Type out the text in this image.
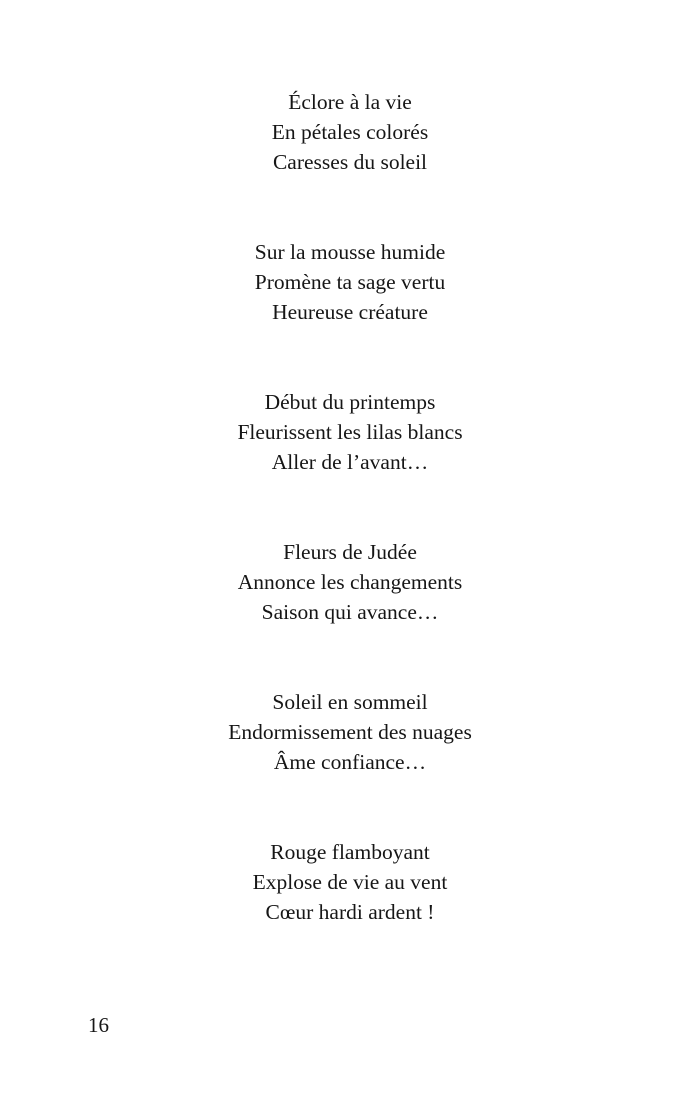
Éclore à la vie
En pétales colorés
Caresses du soleil
Sur la mousse humide
Promène ta sage vertu
Heureuse créature
Début du printemps
Fleurissent les lilas blancs
Aller de l’avant…
Fleurs de Judée
Annonce les changements
Saison qui avance…
Soleil en sommeil
Endormissement des nuages
Âme confiance…
Rouge flamboyant
Explose de vie au vent
Cœur hardi ardent !
16
